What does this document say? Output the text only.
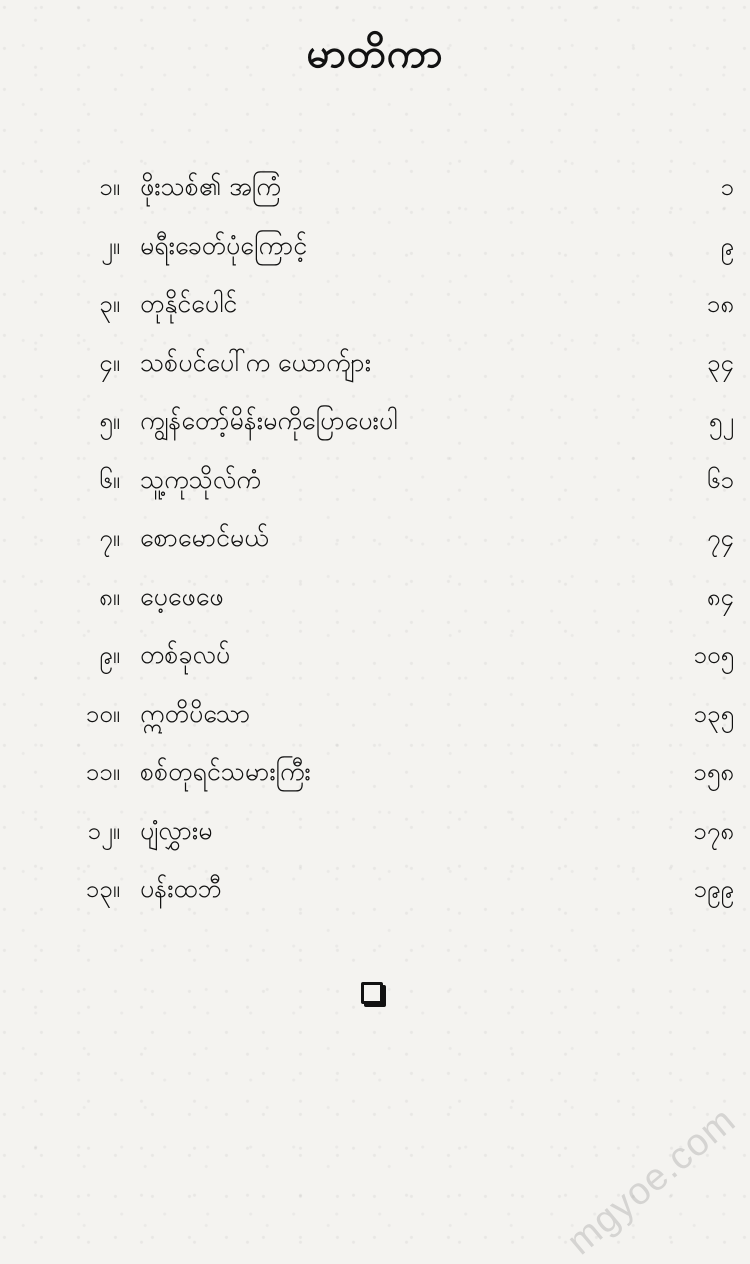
မာတိကာ
၁။ ဖိုးသစ်၏ အကြံ	၁
၂။ မရီးခေတ်ပုံကြောင့်	၉
၃။ တုနိုင်ပေါင်	၁၈
၄။ သစ်ပင်ပေါ်က ယောက်ျား	၃၄
၅။ ကျွန်တော့်မိန်းမကိုပြောပေးပါ	၅၂
၆။ သူ့ကုသိုလ်ကံ	၆၁
၇။ စောမောင်မယ်	၇၄
၈။ ပေ့ဖေဖေ	၈၄
၉။ တစ်ခုလပ်	၁၀၅
၁၀။ ဣတိပိသော	၁၃၅
၁၁။ စစ်တုရင်သမားကြီး	၁၅၈
၁၂။ ပျံလွှားမ	၁၇၈
၁၃။ ပန်းထဘီ	၁၉၉
mgyoe.com
